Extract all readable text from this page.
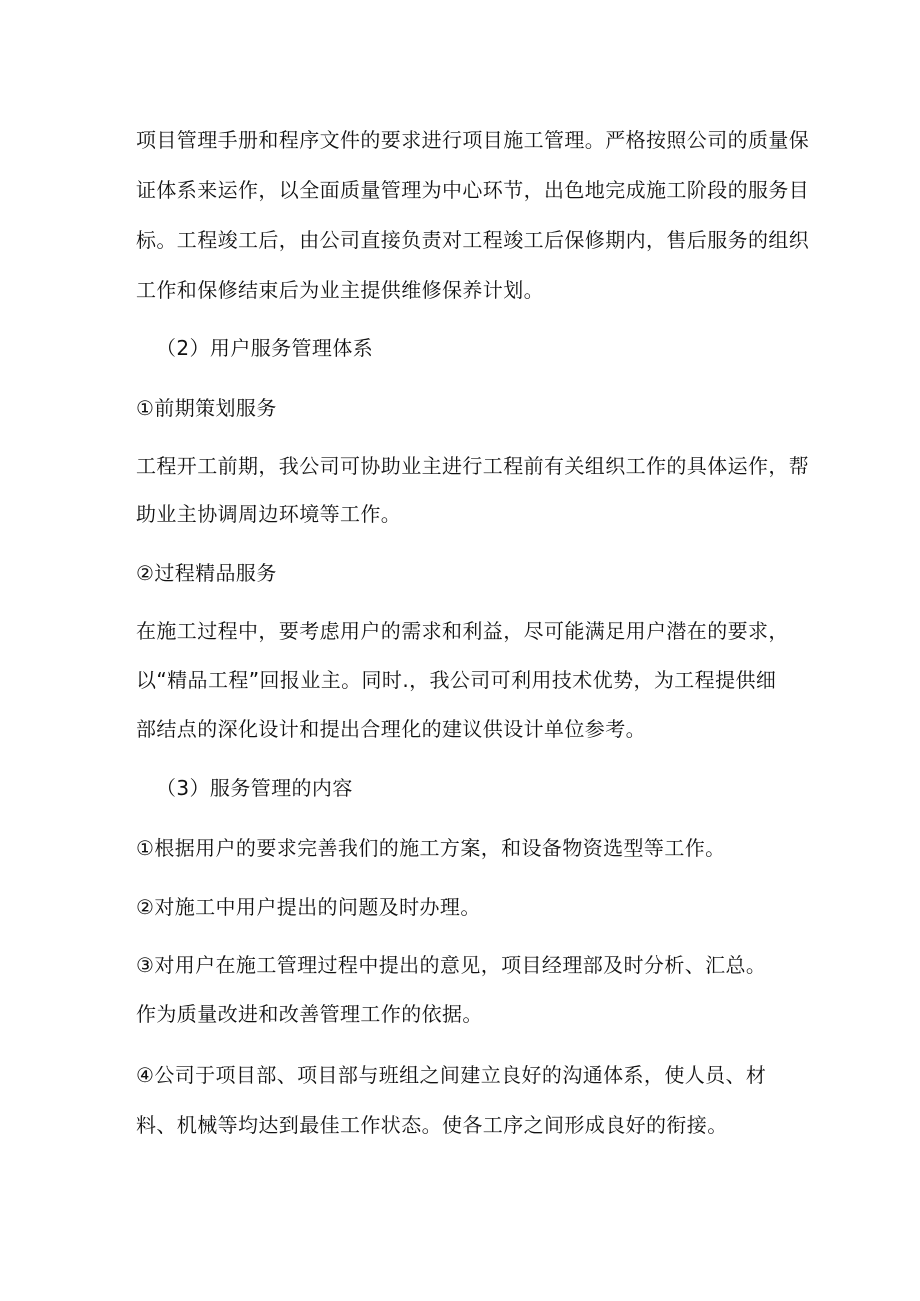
项目管理手册和程序文件的要求进行项目施工管理。严格按照公司的质量保

证体系来运作，以全面质量管理为中心环节，出色地完成施工阶段的服务目

标。工程竣工后，由公司直接负责对工程竣工后保修期内，售后服务的组织

工作和保修结束后为业主提供维修保养计划。

（2）用户服务管理体系

①前期策划服务

工程开工前期，我公司可协助业主进行工程前有关组织工作的具体运作，帮

助业主协调周边环境等工作。

②过程精品服务

在施工过程中，要考虑用户的需求和利益，尽可能满足用户潜在的要求，

以“精品工程”回报业主。同时.，我公司可利用技术优势，为工程提供细

部结点的深化设计和提出合理化的建议供设计单位参考。

（3）服务管理的内容

①根据用户的要求完善我们的施工方案，和设备物资选型等工作。

②对施工中用户提出的问题及时办理。

③对用户在施工管理过程中提出的意见，项目经理部及时分析、汇总。

作为质量改进和改善管理工作的依据。

④公司于项目部、项目部与班组之间建立良好的沟通体系，使人员、材

料、机械等均达到最佳工作状态。使各工序之间形成良好的衔接。
